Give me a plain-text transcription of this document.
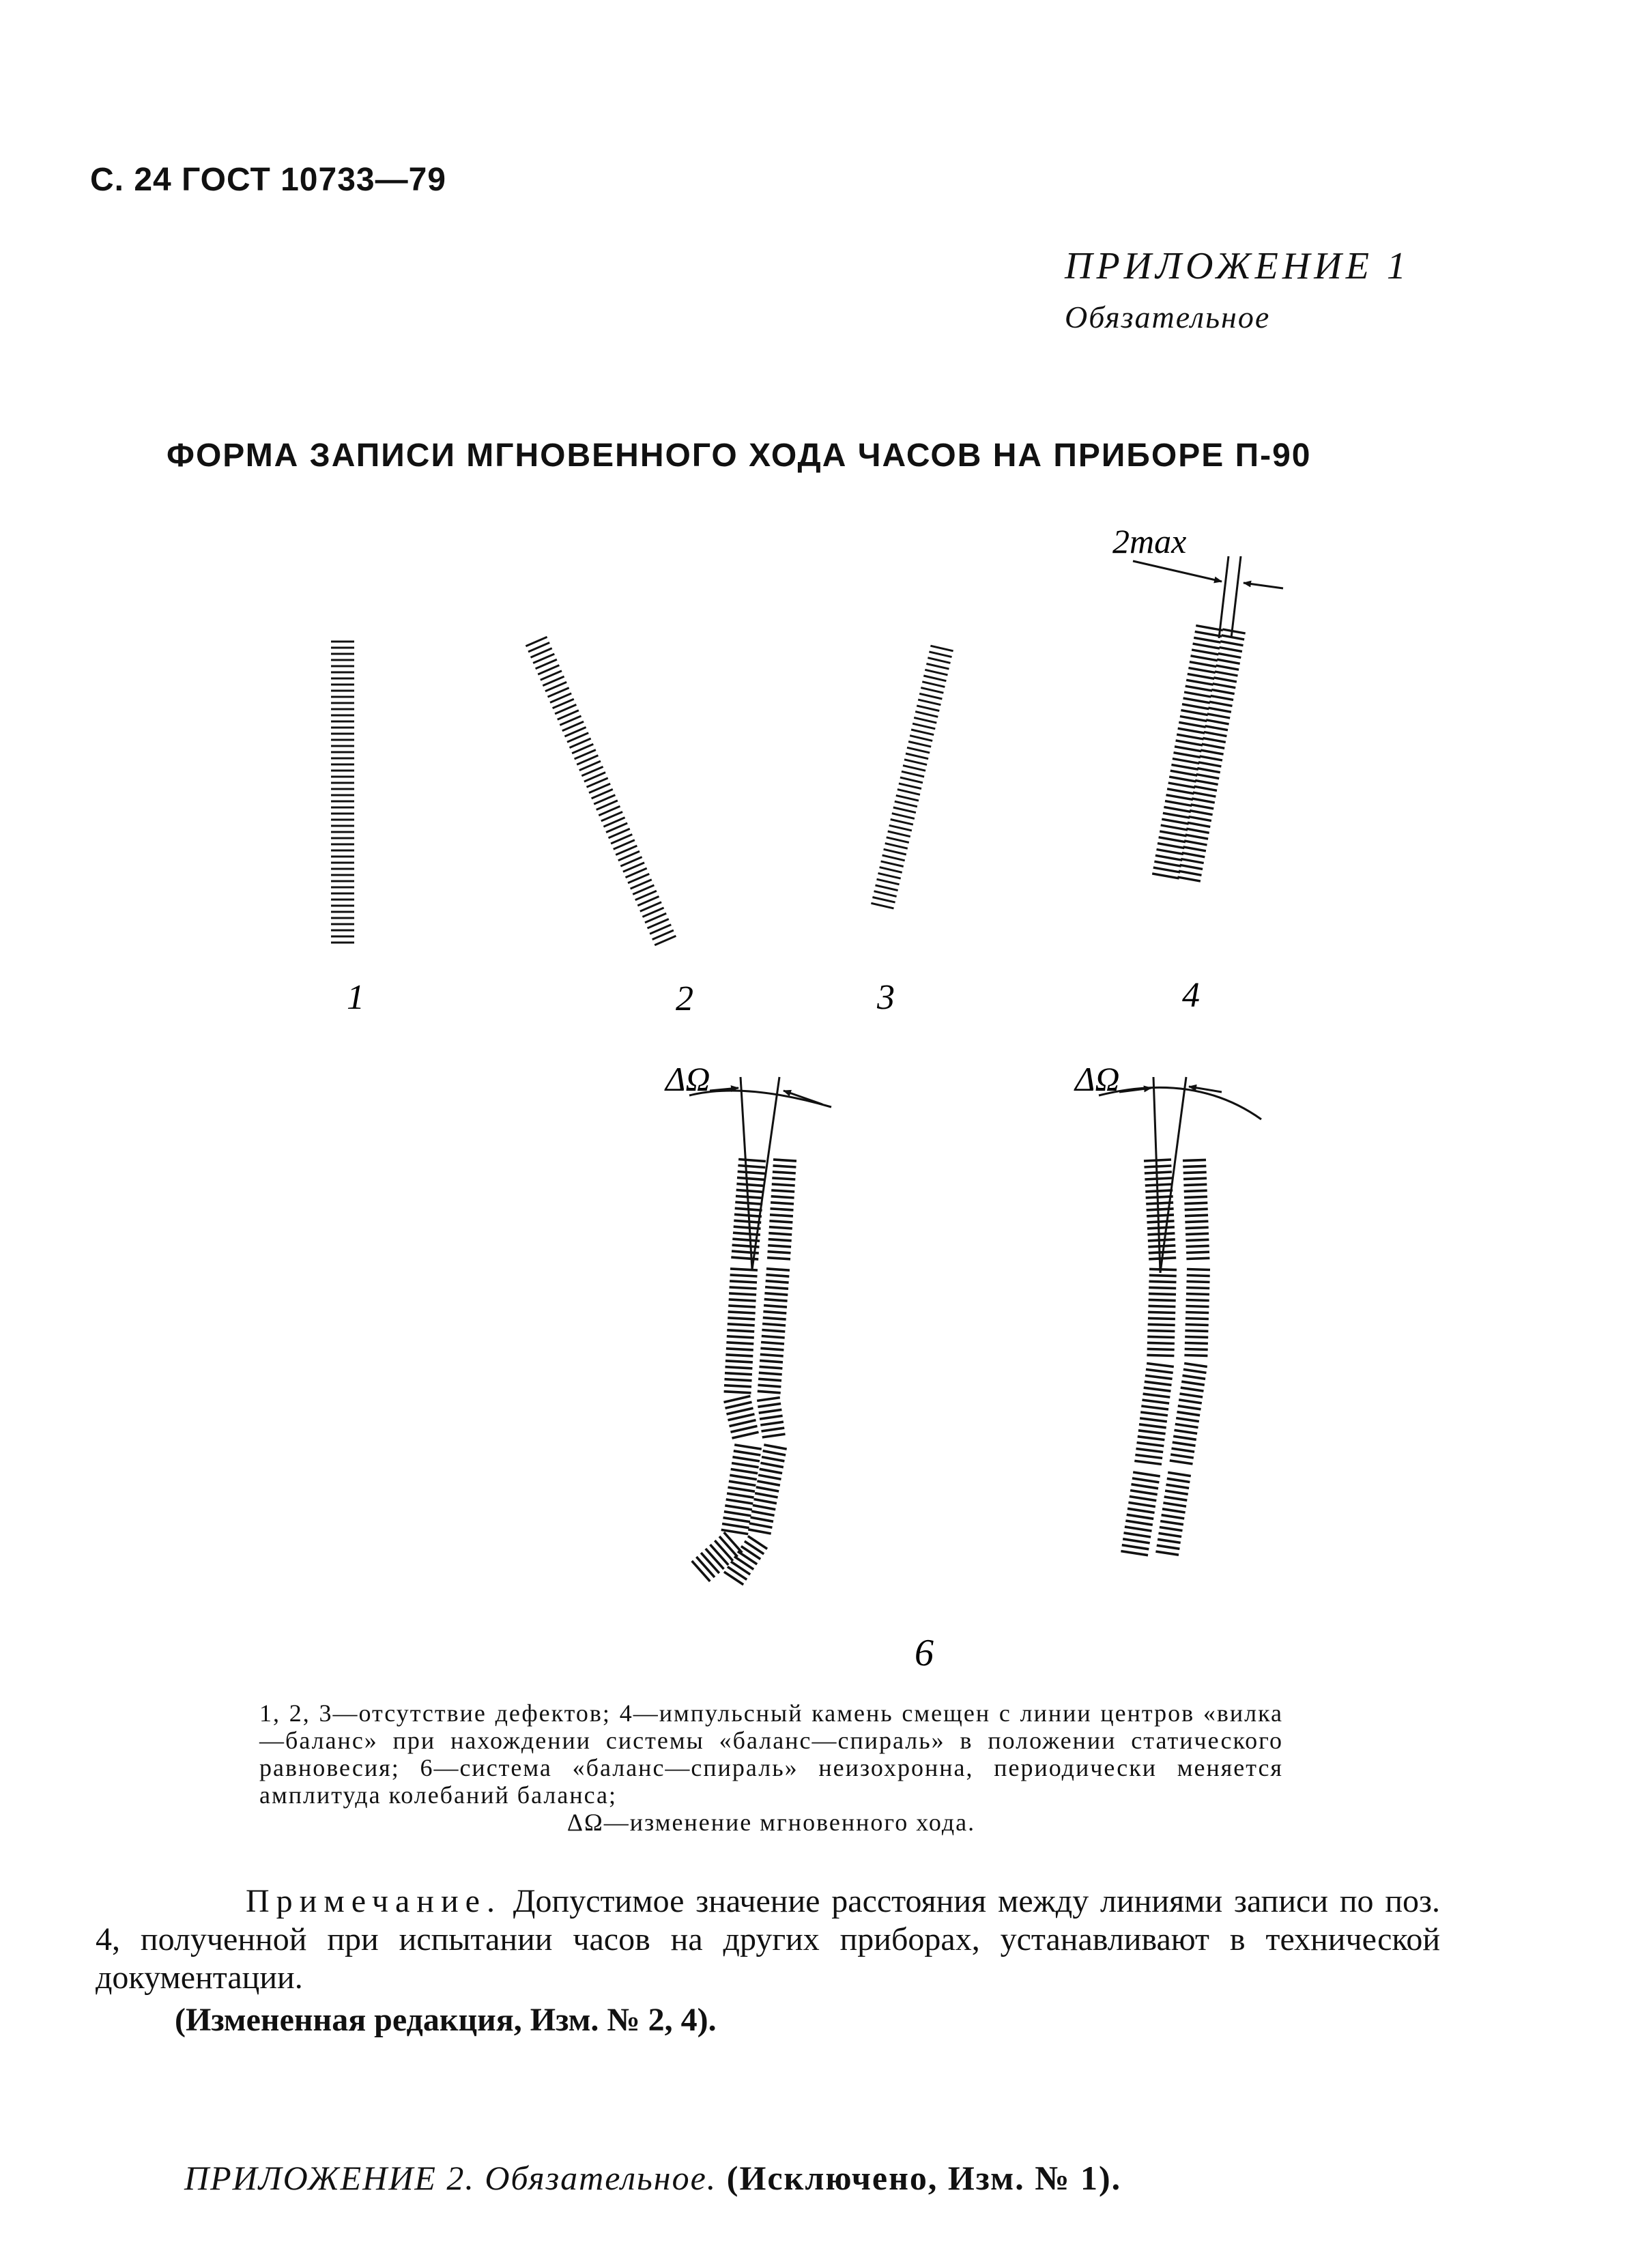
С. 24 ГОСТ 10733—79
ПРИЛОЖЕНИЕ 1
Обязательное
ФОРМА ЗАПИСИ МГНОВЕННОГО ХОДА ЧАСОВ НА ПРИБОРЕ П-90
2max
ΔΩ	ΔΩ
1	2	3	4
6
1, 2, 3—отсутствие дефектов; 4—импульсный камень смещен с линии центров «вилка—баланс» при нахождении системы «баланс—спираль» в положении статического равновесия; 6—система «баланс—спираль» неизохронна, периодически меняется амплитуда колебаний баланса;
ΔΩ—изменение мгновенного хода.
Примечание. Допустимое значение расстояния между линиями записи по поз. 4, полученной при испытании часов на других приборах, устанавливают в технической документации.
(Измененная редакция, Изм. № 2, 4).
ПРИЛОЖЕНИЕ 2. Обязательное. (Исключено, Изм. № 1).
